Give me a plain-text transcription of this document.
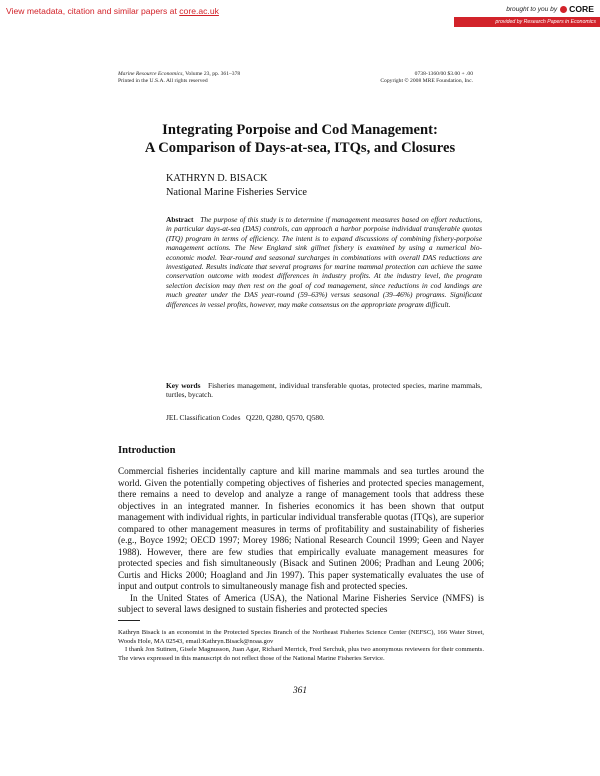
View metadata, citation and similar papers at core.ac.uk	brought to you by CORE
provided by Research Papers in Economics
Marine Resource Economics, Volume 23, pp. 361–378
Printed in the U.S.A. All rights reserved
0738-1360/00 $3.00 + .00
Copyright © 2008 MRE Foundation, Inc.
Integrating Porpoise and Cod Management:
A Comparison of Days-at-sea, ITQs, and Closures
KATHRYN D. BISACK
National Marine Fisheries Service
Abstract The purpose of this study is to determine if management measures based on effort reductions, in particular days-at-sea (DAS) controls, can approach a harbor porpoise individual transferable quotas (ITQ) program in terms of efficiency. The intent is to expand discussions of combining fishery-porpoise management actions. The New England sink gillnet fishery is examined by using a numerical bio-economic model. Year-round and seasonal surcharges in combinations with overall DAS reductions are investigated. Results indicate that several programs for marine mammal protection can achieve the same conservation outcome with modest differences in industry profits. At the industry level, the program selection decision may then rest on the goal of cod management, since reductions in cod landings are much greater under the DAS year-round (59–63%) versus seasonal (39–46%) programs. Significant differences in vessel profits, however, may make consensus on the appropriate program difficult.
Key words Fisheries management, individual transferable quotas, protected species, marine mammals, turtles, bycatch.
JEL Classification Codes Q220, Q280, Q570, Q580.
Introduction

Commercial fisheries incidentally capture and kill marine mammals and sea turtles around the world. Given the potentially competing objectives of fisheries and protected species management, there remains a need to develop and analyze a range of management tools that address these objectives in an integrated manner. In fisheries economics it has been shown that output management with individual rights, in particular individual transferable quotas (ITQs), are superior compared to other management measures in terms of profitability and sustainability of fisheries (e.g., Boyce 1992; OECD 1997; Morey 1986; National Research Council 1999; Geen and Nayer 1988). However, there are few studies that empirically evaluate management measures for protected species and fish simultaneously (Bisack and Sutinen 2006; Pradhan and Leung 2006; Curtis and Hicks 2000; Hoagland and Jin 1997). This paper systematically evaluates the use of input and output controls to simultaneously manage fish and protected species.

In the United States of America (USA), the National Marine Fisheries Service (NMFS) is subject to several laws designed to sustain fisheries and protected species

Kathryn Bisack is an economist in the Protected Species Branch of the Northeast Fisheries Science Center (NEFSC), 166 Water Street, Woods Hole, MA 02543, email:Kathryn.Bisack@noaa.gov

I thank Jon Sutinen, Gisele Magnusson, Juan Agar, Richard Merrick, Fred Serchuk, plus two anonymous reviewers for their comments. The views expressed in this manuscript do not reflect those of the National Marine Fisheries Service.

361
